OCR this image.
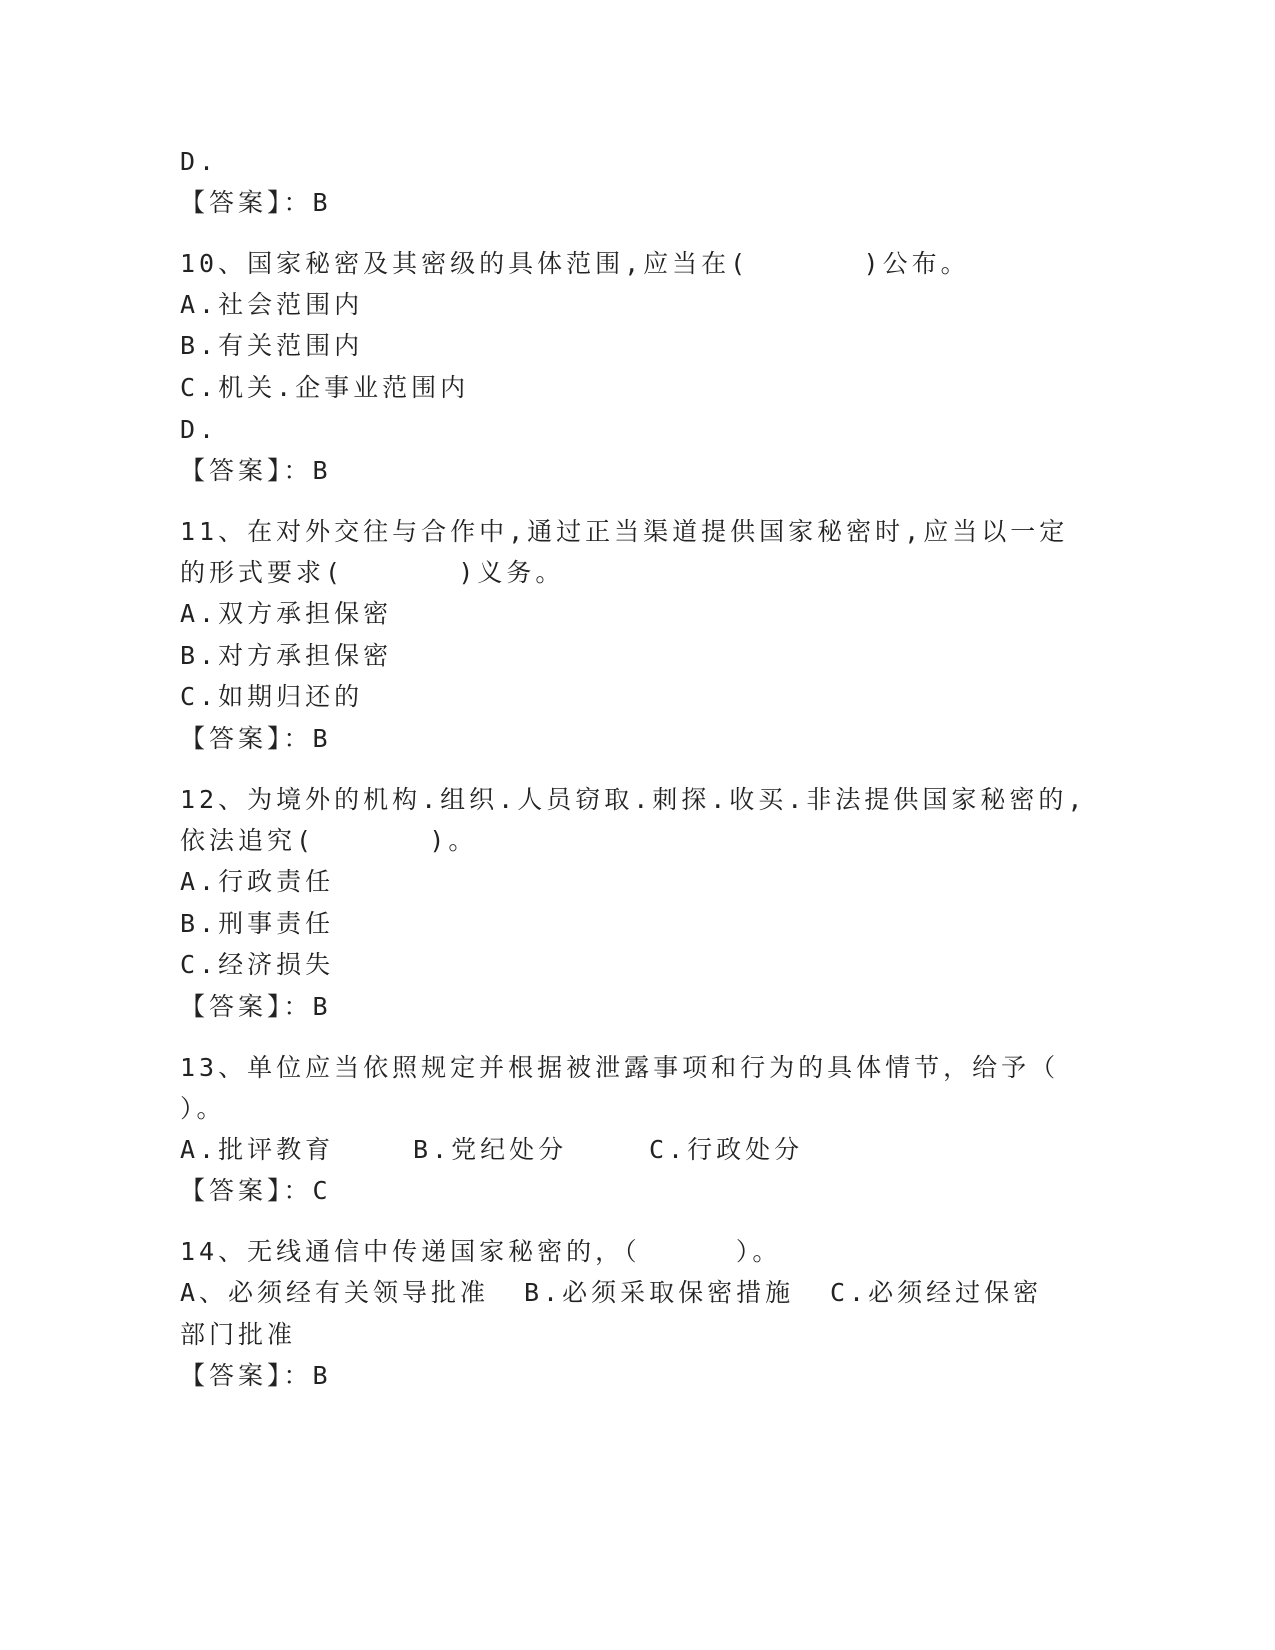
D.
【答案】：B
10、国家秘密及其密级的具体范围,应当在(      )公布。
A.社会范围内
B.有关范围内
C.机关.企事业范围内
D.
【答案】：B
11、在对外交往与合作中,通过正当渠道提供国家秘密时,应当以一定
的形式要求(      )义务。
A.双方承担保密
B.对方承担保密
C.如期归还的
【答案】：B
12、为境外的机构.组织.人员窃取.刺探.收买.非法提供国家秘密的,
依法追究(      )。
A.行政责任
B.刑事责任
C.经济损失
【答案】：B
13、单位应当依照规定并根据被泄露事项和行为的具体情节，给予（
）。
A.批评教育	B.党纪处分	C.行政处分
【答案】：C
14、无线通信中传递国家秘密的，（     ）。
A、必须经有关领导批准 B.必须采取保密措施 C.必须经过保密
部门批准
【答案】：B
